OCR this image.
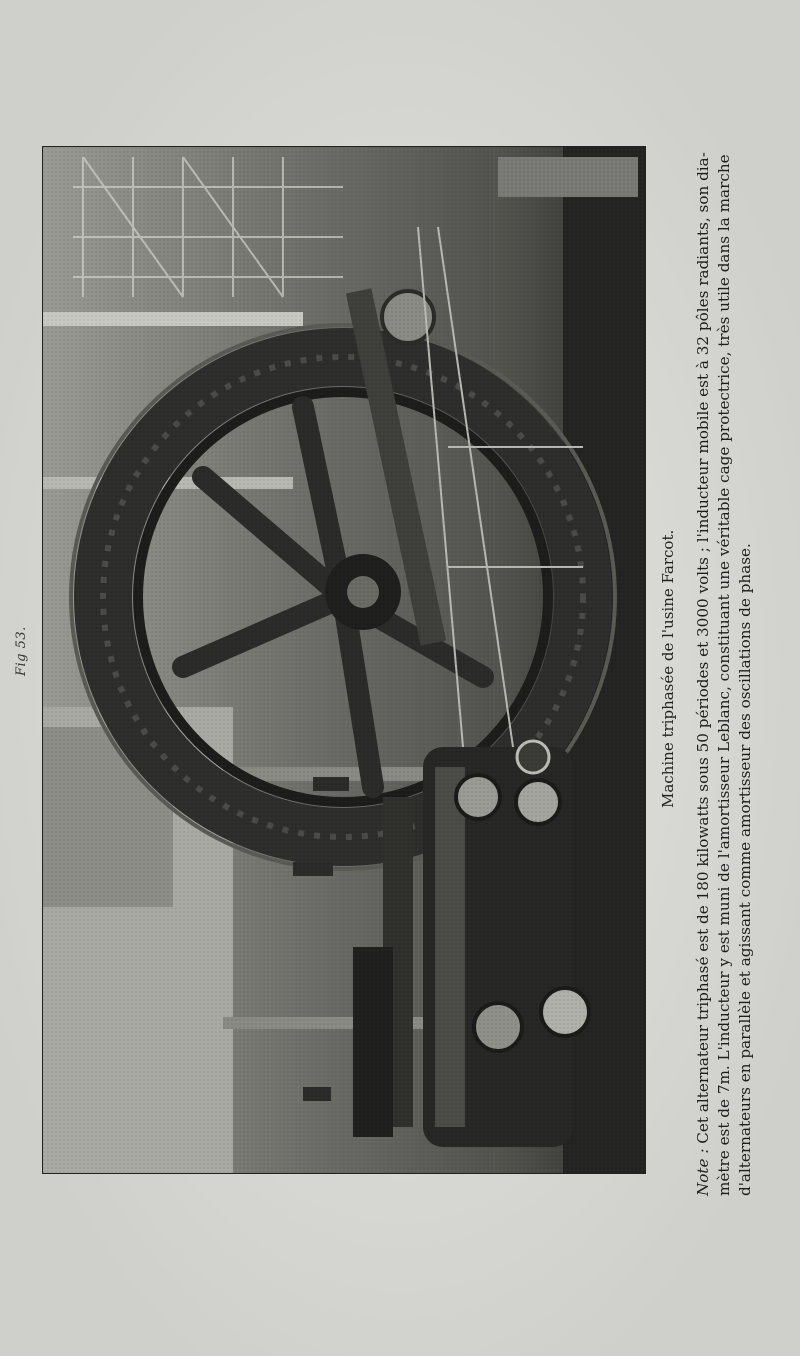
Fig 53.	Machine triphasée de l'usine Farcot.
Note : Cet alternateur triphasé est de 180 kilowatts sous 50 périodes et 3000 volts ; l'inducteur mobile est à 32 pôles radiants, son dia- mètre est de 7m. L'inducteur y est muni de l'amortisseur Leblanc, constituant une véritable cage protectrice, très utile dans la marche d'alternateurs en parallèle et agissant comme amortisseur des oscillations de phase.
